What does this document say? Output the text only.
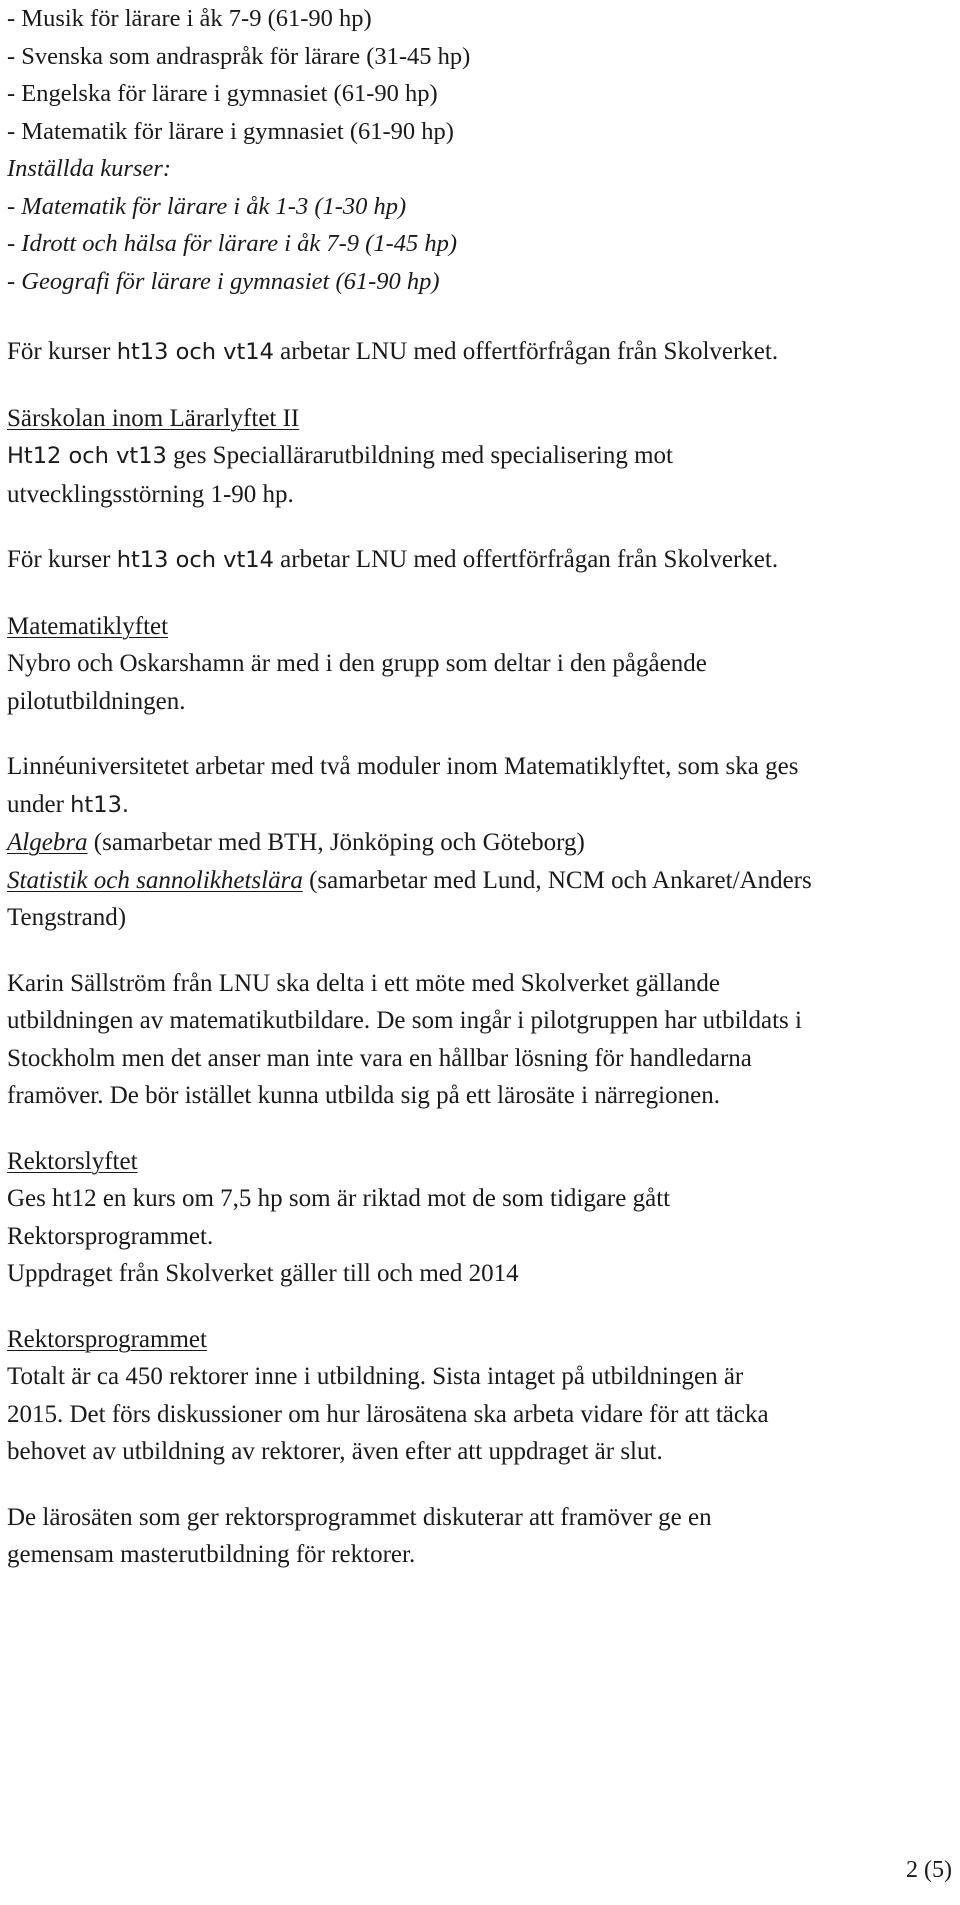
- Musik för lärare i åk 7-9 (61-90 hp)

- Svenska som andraspråk för lärare (31-45 hp)

- Engelska för lärare i gymnasiet (61-90 hp)

- Matematik för lärare i gymnasiet (61-90 hp)

Inställda kurser:

- Matematik för lärare i åk 1-3 (1-30 hp)

- Idrott och hälsa för lärare i åk 7-9 (1-45 hp)

- Geografi för lärare i gymnasiet (61-90 hp)

För kurser ht13 och vt14 arbetar LNU med offertförfrågan från Skolverket.

Särskolan inom Lärarlyftet II

Ht12 och vt13 ges Speciallärarutbildning med specialisering mot

utvecklingsstörning 1-90 hp.

För kurser ht13 och vt14 arbetar LNU med offertförfrågan från Skolverket.

Matematiklyftet

Nybro och Oskarshamn är med i den grupp som deltar i den pågående

pilotutbildningen.

Linnéuniversitetet arbetar med två moduler inom Matematiklyftet, som ska ges

under ht13.

Algebra (samarbetar med BTH, Jönköping och Göteborg)

Statistik och sannolikhetslära (samarbetar med Lund, NCM och Ankaret/Anders

Tengstrand)

Karin Sällström från LNU ska delta i ett möte med Skolverket gällande

utbildningen av matematikutbildare. De som ingår i pilotgruppen har utbildats i

Stockholm men det anser man inte vara en hållbar lösning för handledarna

framöver. De bör istället kunna utbilda sig på ett lärosäte i närregionen.

Rektorslyftet

Ges ht12 en kurs om 7,5 hp som är riktad mot de som tidigare gått

Rektorsprogrammet.

Uppdraget från Skolverket gäller till och med 2014

Rektorsprogrammet

Totalt är ca 450 rektorer inne i utbildning. Sista intaget på utbildningen är

2015. Det förs diskussioner om hur lärosätena ska arbeta vidare för att täcka

behovet av utbildning av rektorer, även efter att uppdraget är slut.

De lärosäten som ger rektorsprogrammet diskuterar att framöver ge en

gemensam masterutbildning för rektorer.

2 (5)
